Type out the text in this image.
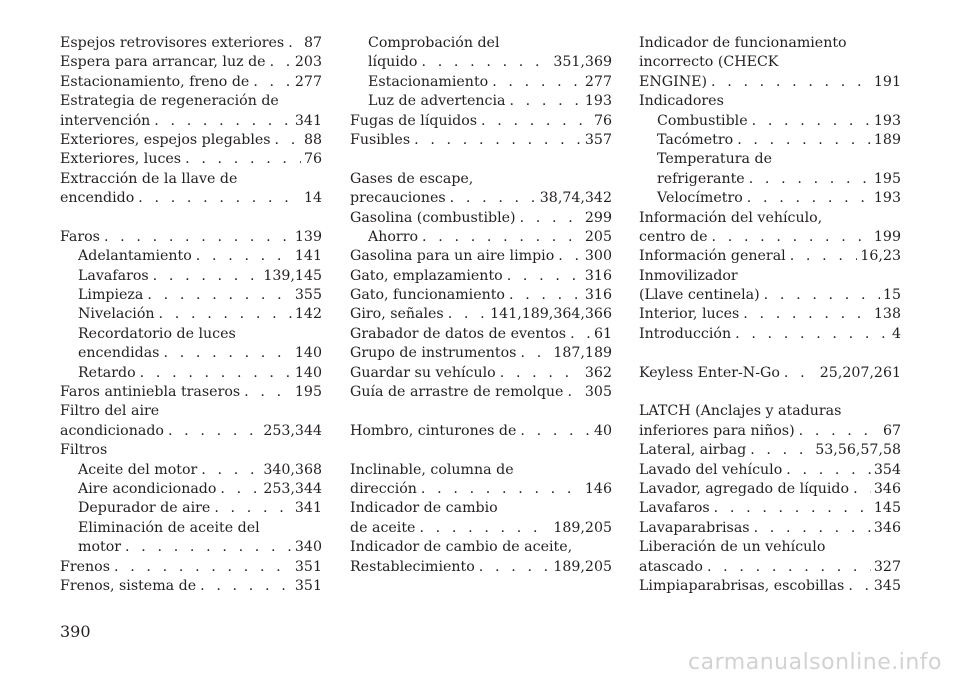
Espejos retrovisores exteriores . . . 87
Espera para arrancar, luz de . . . 203
Estacionamiento, freno de . . .	277
Estrategia de regeneración de
intervención . . .	341
Exteriores, espejos plegables . . . 88
Exteriores, luces . . .	76
Extracción de la llave de
encendido . . .	14
Faros . . .	139
Adelantamiento . . .	141
Lavafaros . . .	139,145
Limpieza . . .	355
Nivelación . . .	142
Recordatorio de luces
encendidas . . .	140
Retardo . . .	140
Faros antiniebla traseros . . .	195
Filtro del aire
acondicionado . . .	253,344
Filtros
Aceite del motor . . .	340,368
Aire acondicionado . . .	253,344
Depurador de aire . . .	341
Eliminación de aceite del
motor . . .	340
Frenos . . .	351
Frenos, sistema de . . .	351
Comprobación del
líquido . . .	351,369
Estacionamiento . . .	277
Luz de advertencia . . .	193
Fugas de líquidos . . .	76
Fusibles . . .	357
Gases de escape,
precauciones . . .	38,74,342
Gasolina (combustible) . . .	299
Ahorro . . .	205
Gasolina para un aire limpio . . . 300
Gato, emplazamiento . . .	316
Gato, funcionamiento . . .	316
Giro, señales . . .	141,189,364,366
Grabador de datos de eventos . . . 61
Grupo de instrumentos . . .	187,189
Guardar su vehículo . . .	362
Guía de arrastre de remolque . . . 305
Hombro, cinturones de . . .	40
Inclinable, columna de
dirección . . .	146
Indicador de cambio
de aceite . . .	189,205
Indicador de cambio de aceite,
Restablecimiento . . .	189,205
Indicador de funcionamiento
incorrecto (CHECK
ENGINE) . . .	191
Indicadores
Combustible . . .	193
Tacómetro . . .	189
Temperatura de
refrigerante . . .	195
Velocímetro . . .	193
Información del vehículo,
centro de . . .	199
Información general . . .	16,23
Inmovilizador
(Llave centinela) . . .	15
Interior, luces . . .	138
Introducción . . .	4
Keyless Enter-N-Go . . .	25,207,261
LATCH (Anclajes y ataduras
inferiores para niños) . . .	67
Lateral, airbag . . .	53,56,57,58
Lavado del vehículo . . .	354
Lavador, agregado de líquido . . . 346
Lavafaros . . .	145
Lavaparabrisas . . .	346
Liberación de un vehículo
atascado . . .	327
Limpiaparabrisas, escobillas . . . 345
390
carmanualsonline.info
